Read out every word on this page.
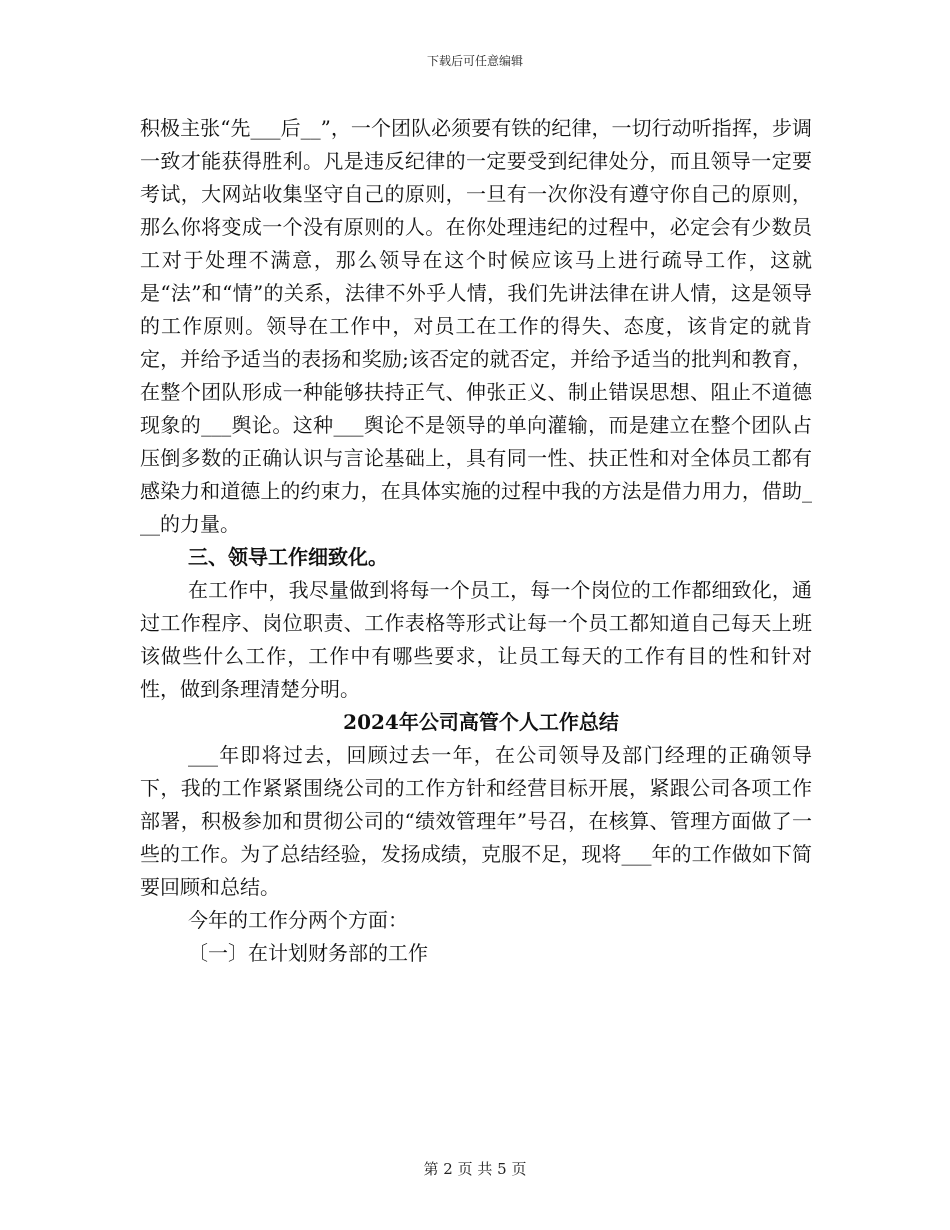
下载后可任意编辑

积极主张“先___后__”，一个团队必须要有铁的纪律，一切行动听指挥，步调一致才能获得胜利。凡是违反纪律的一定要受到纪律处分，而且领导一定要考试，大网站收集坚守自己的原则，一旦有一次你没有遵守你自己的原则，那么你将变成一个没有原则的人。在你处理违纪的过程中，必定会有少数员工对于处理不满意，那么领导在这个时候应该马上进行疏导工作，这就是“法”和“情”的关系，法律不外乎人情，我们先讲法律在讲人情，这是领导的工作原则。领导在工作中，对员工在工作的得失、态度，该肯定的就肯定，并给予适当的表扬和奖励;该否定的就否定，并给予适当的批判和教育，在整个团队形成一种能够扶持正气、伸张正义、制止错误思想、阻止不道德现象的___舆论。这种___舆论不是领导的单向灌输，而是建立在整个团队占压倒多数的正确认识与言论基础上，具有同一性、扶正性和对全体员工都有感染力和道德上的约束力，在具体实施的过程中我的方法是借力用力，借助___的力量。

三、领导工作细致化。

在工作中，我尽量做到将每一个员工，每一个岗位的工作都细致化，通过工作程序、岗位职责、工作表格等形式让每一个员工都知道自己每天上班该做些什么工作，工作中有哪些要求，让员工每天的工作有目的性和针对性，做到条理清楚分明。

2024年公司高管个人工作总结

___年即将过去，回顾过去一年，在公司领导及部门经理的正确领导下，我的工作紧紧围绕公司的工作方针和经营目标开展，紧跟公司各项工作部署，积极参加和贯彻公司的“绩效管理年”号召，在核算、管理方面做了一些的工作。为了总结经验，发扬成绩，克服不足，现将___年的工作做如下简要回顾和总结。

今年的工作分两个方面：

〔一〕在计划财务部的工作

第 2 页 共 5 页
